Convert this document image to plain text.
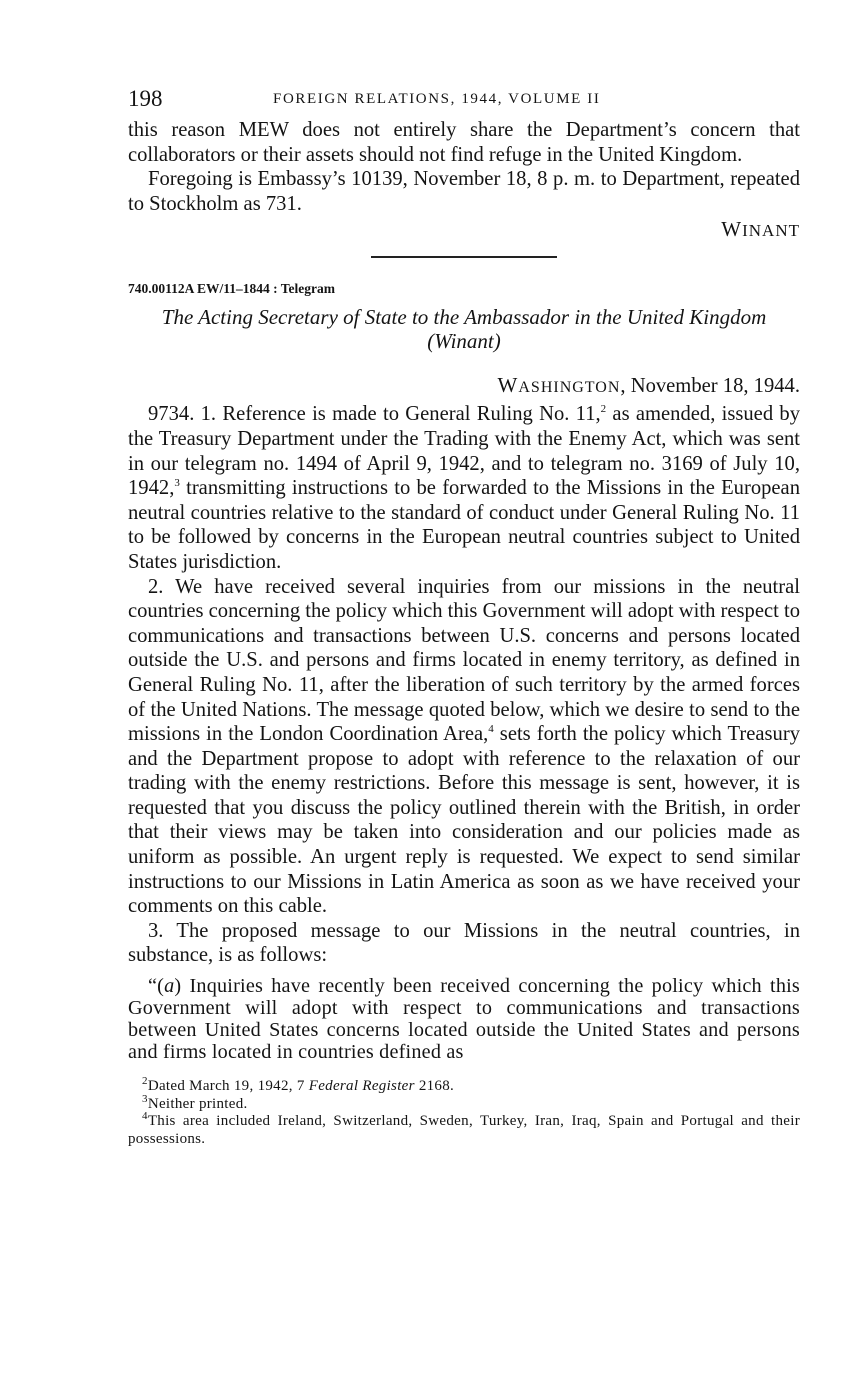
198	FOREIGN RELATIONS, 1944, VOLUME II

this reason MEW does not entirely share the Department’s concern that collaborators or their assets should not find refuge in the United Kingdom.

Foregoing is Embassy’s 10139, November 18, 8 p. m. to Department, repeated to Stockholm as 731.

WINANT
740.00112A EW/11–1844 : Telegram
The Acting Secretary of State to the Ambassador in the United Kingdom (Winant)
WASHINGTON, November 18, 1944.

9734. 1. Reference is made to General Ruling No. 11,$^2$ as amended, issued by the Treasury Department under the Trading with the Enemy Act, which was sent in our telegram no. 1494 of April 9, 1942, and to telegram no. 3169 of July 10, 1942,$^3$ transmitting instructions to be forwarded to the Missions in the European neutral countries relative to the standard of conduct under General Ruling No. 11 to be followed by concerns in the European neutral countries subject to United States jurisdiction.

2. We have received several inquiries from our missions in the neutral countries concerning the policy which this Government will adopt with respect to communications and transactions between U.S. concerns and persons located outside the U.S. and persons and firms located in enemy territory, as defined in General Ruling No. 11, after the liberation of such territory by the armed forces of the United Nations. The message quoted below, which we desire to send to the missions in the London Coordination Area,$^4$ sets forth the policy which Treasury and the Department propose to adopt with reference to the relaxation of our trading with the enemy restrictions. Before this message is sent, however, it is requested that you discuss the policy outlined therein with the British, in order that their views may be taken into consideration and our policies made as uniform as possible. An urgent reply is requested. We expect to send similar instructions to our Missions in Latin America as soon as we have received your comments on this cable.

3. The proposed message to our Missions in the neutral countries, in substance, is as follows:

“(a) Inquiries have recently been received concerning the policy which this Government will adopt with respect to communications and transactions between United States concerns located outside the United States and persons and firms located in countries defined as

$^2$Dated March 19, 1942, 7 Federal Register 2168.

$^3$Neither printed.

$^4$This area included Ireland, Switzerland, Sweden, Turkey, Iran, Iraq, Spain and Portugal and their possessions.
